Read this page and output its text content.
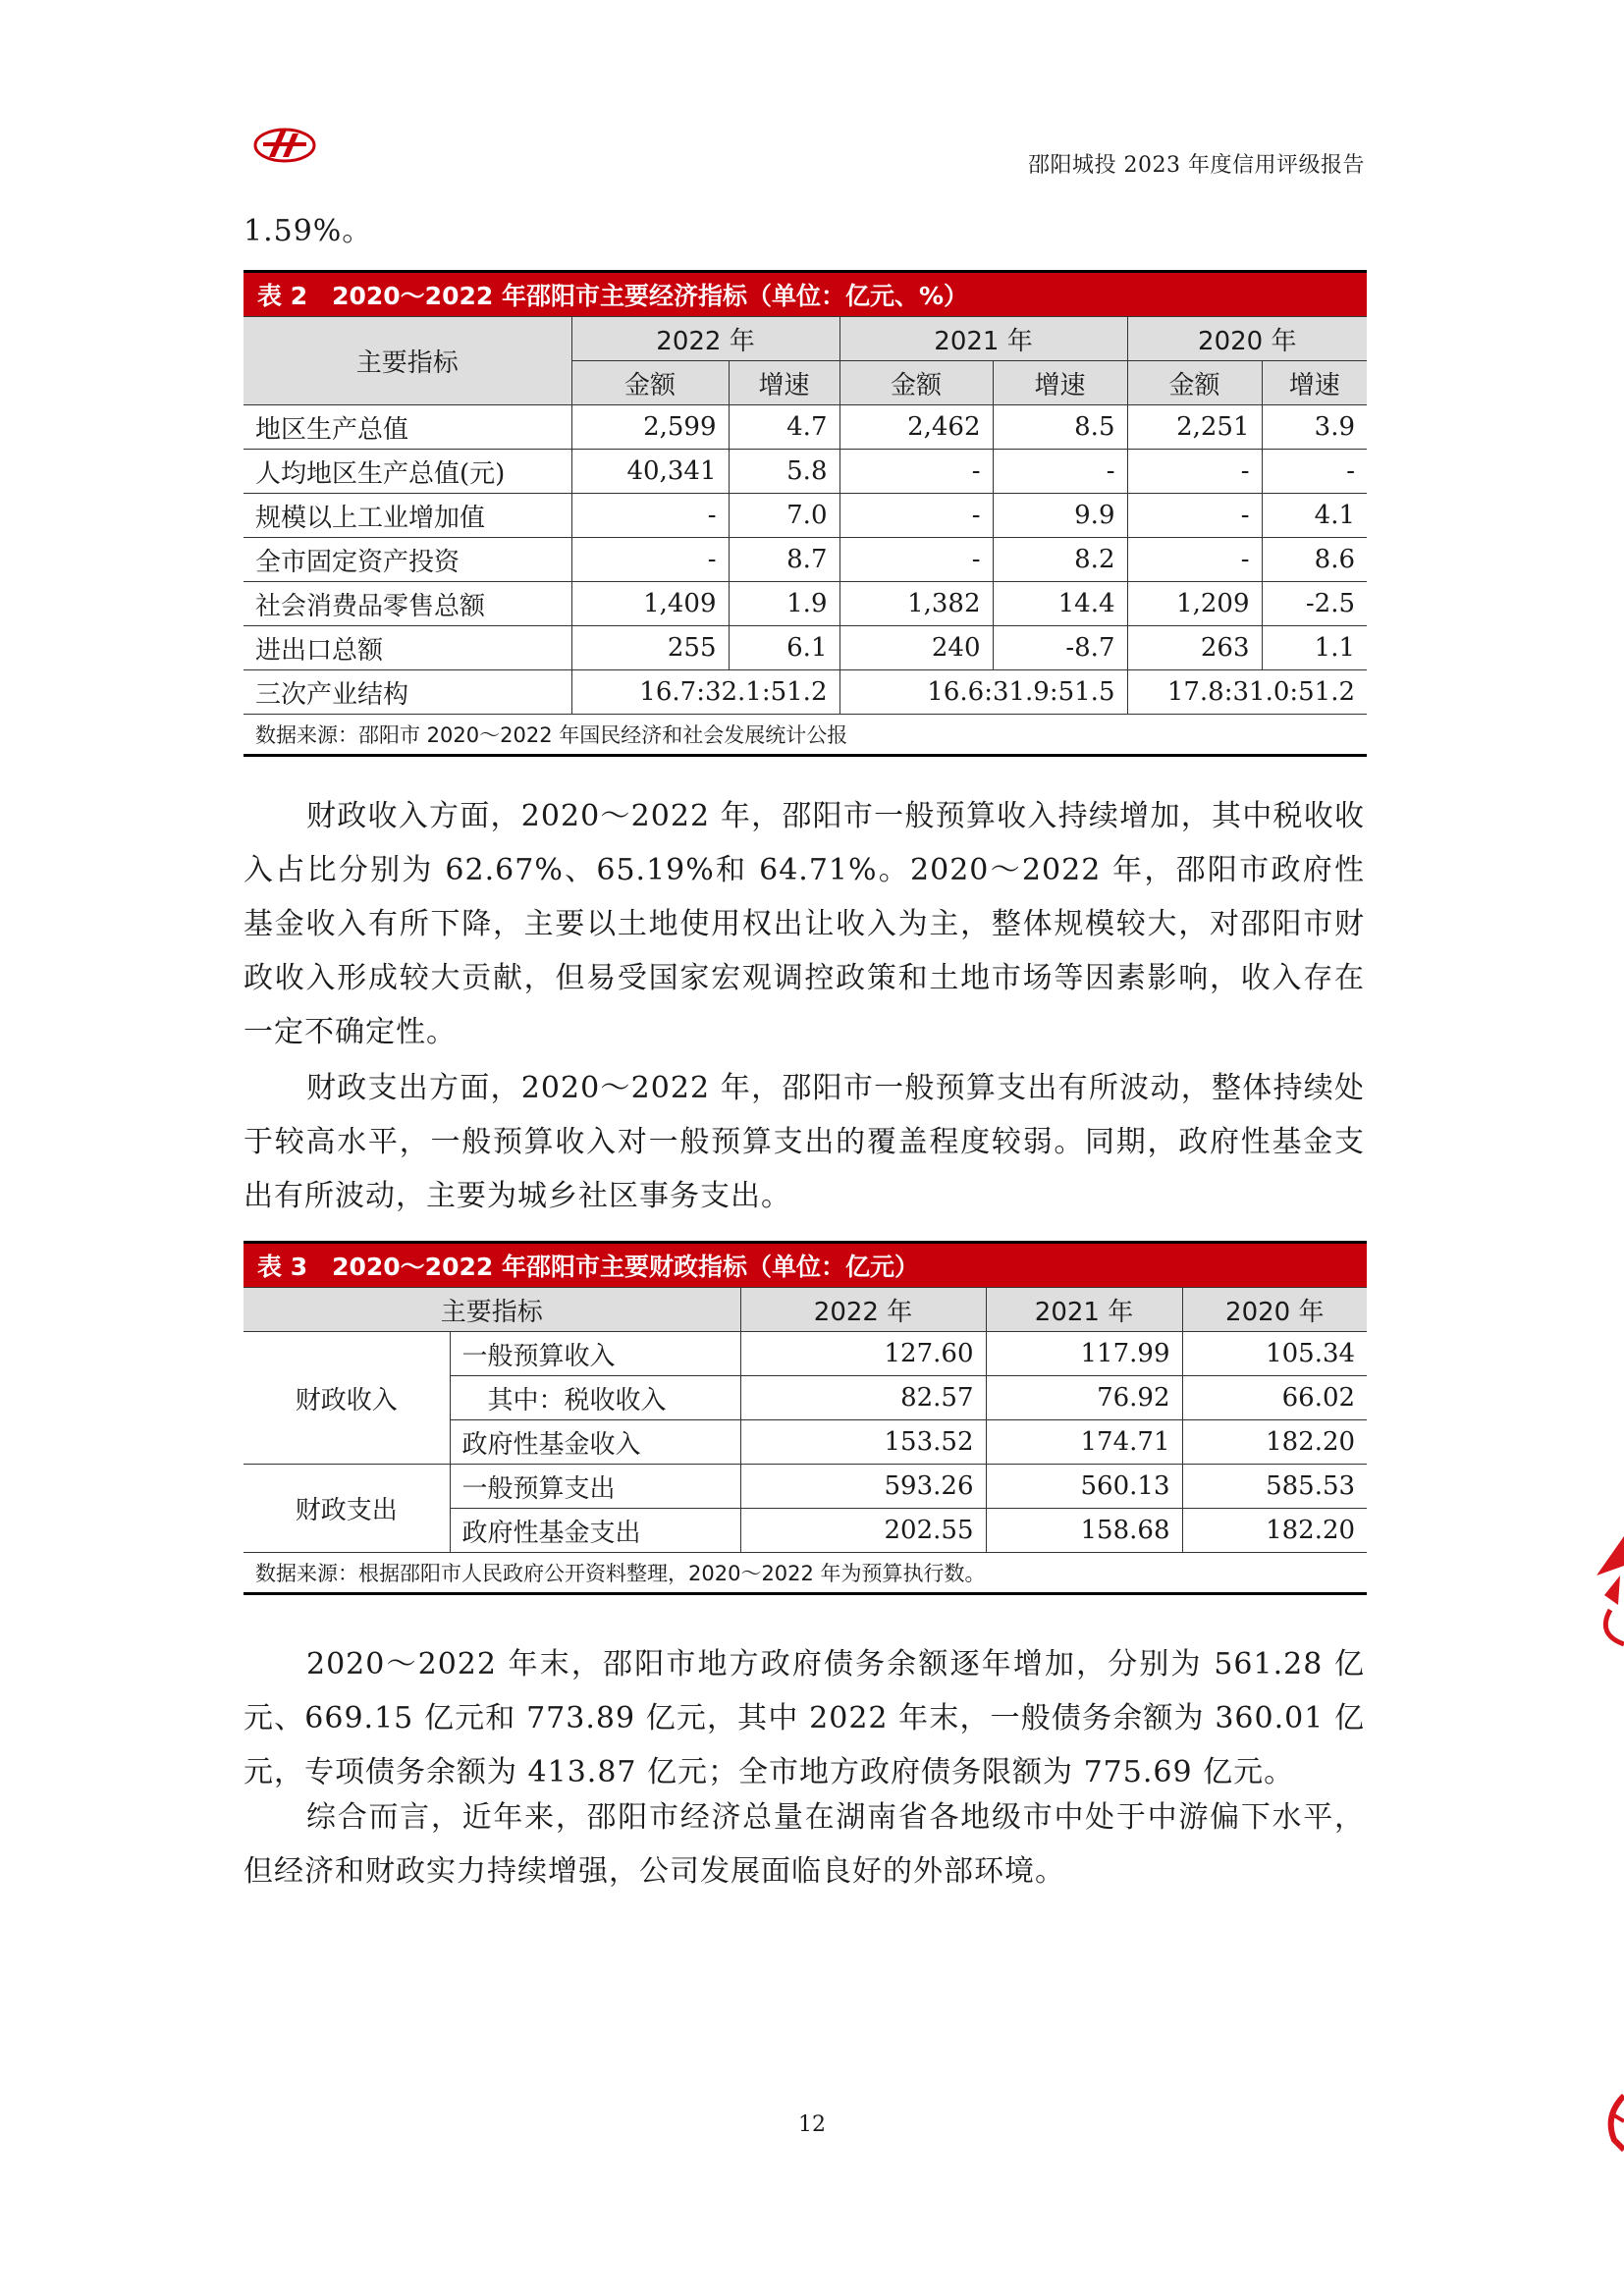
邵阳城投 2023 年度信用评级报告
1.59%。
表 2　2020～2022 年邵阳市主要经济指标（单位：亿元、%）						
主要指标	2022 年		2021 年		2020 年	
	金额	增速	金额	增速	金额	增速
地区生产总值	2,599	4.7	2,462	8.5	2,251	3.9
人均地区生产总值(元)	40,341	5.8	-	-	-	-
规模以上工业增加值	-	7.0	-	9.9	-	4.1
全市固定资产投资	-	8.7	-	8.2	-	8.6
社会消费品零售总额	1,409	1.9	1,382	14.4	1,209	-2.5
进出口总额	255	6.1	240	-8.7	263	1.1
三次产业结构	16.7:32.1:51.2		16.6:31.9:51.5		17.8:31.0:51.2	
数据来源：邵阳市 2020～2022 年国民经济和社会发展统计公报						
财政收入方面，2020～2022 年，邵阳市一般预算收入持续增加，其中税收收入占比分别为 62.67%、65.19%和 64.71%。2020～2022 年，邵阳市政府性基金收入有所下降，主要以土地使用权出让收入为主，整体规模较大，对邵阳市财政收入形成较大贡献，但易受国家宏观调控政策和土地市场等因素影响，收入存在一定不确定性。
财政支出方面，2020～2022 年，邵阳市一般预算支出有所波动，整体持续处于较高水平，一般预算收入对一般预算支出的覆盖程度较弱。同期，政府性基金支出有所波动，主要为城乡社区事务支出。
表 3　2020～2022 年邵阳市主要财政指标（单位：亿元）				
主要指标		2022 年	2021 年	2020 年
财政收入	一般预算收入	127.60	117.99	105.34
	其中：税收收入	82.57	76.92	66.02
	政府性基金收入	153.52	174.71	182.20
财政支出	一般预算支出	593.26	560.13	585.53
	政府性基金支出	202.55	158.68	182.20
数据来源：根据邵阳市人民政府公开资料整理，2020～2022 年为预算执行数。				
2020～2022 年末，邵阳市地方政府债务余额逐年增加，分别为 561.28 亿元、669.15 亿元和 773.89 亿元，其中 2022 年末，一般债务余额为 360.01 亿元，专项债务余额为 413.87 亿元；全市地方政府债务限额为 775.69 亿元。
综合而言，近年来，邵阳市经济总量在湖南省各地级市中处于中游偏下水平，但经济和财政实力持续增强，公司发展面临良好的外部环境。
12
